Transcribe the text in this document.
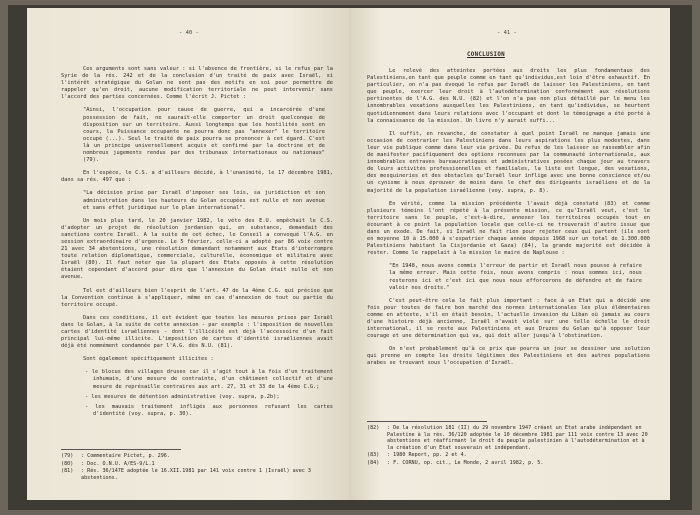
- 40 -

Ces arguments sont sans valeur : si l'absence de frontière, si le refus par la Syrie de la rés. 242 et de la conclusion d'un traité de paix avec Israël, si l'intérêt stratégique du Golan ne sont pas des motifs en soi pour permettre de rappeler qu'en droit, aucune modification territoriale ne peut intervenir sans l'accord des parties concernées. Comme l'écrit J. Pictet :

"Ainsi, l'occupation pour cause de guerre, qui a incarcérée d'une possession de fait, ne saurait-elle comporter un droit quelconque de disposition sur un territoire. Aussi longtemps que les hostilités sont en cours, la Puissance occupante ne pourra donc pas "annexer" le territoire occupé (...). Seul le traité de paix pourra se prononcer à cet égard. C'est là un principe universellement acquis et confirmé par la doctrine et de nombreux jugements rendus par des tribunaux internationaux ou nationaux"(79).

En l'espèce, le C.S. a d'ailleurs décidé, à l'unanimité, le 17 décembre 1981, dans sa rés. 497 que :

"La décision prise par Israël d'imposer ses lois, sa juridiction et son administration dans les hauteurs du Golan occupées est nulle et non avenue et sans effet juridique sur le plan international".

Un mois plus tard, le 20 janvier 1982, le véto des E.U. empêchait le C.S. d'adopter un projet de résolution jordanien qui, en substance, demandait des sanctions contre Israël. A la suite de cet échec, le Conseil a convoqué l'A.G. en session extraordinaire d'urgence. Le 5 février, celle-ci a adopté par 86 voix contre 21 avec 34 abstentions, une résolution demandant notamment aux Etats d'interrompre toute relation diplomatique, commerciale, culturelle, économique et militaire avec Israël (80). Il faut noter que la plupart des Etats opposés à cette résolution étaient cependant d'accord pour dire que l'annexion du Golan était nulle et non avenue.

Tel est d'ailleurs bien l'esprit de l'art. 47 de la 4ème C.G. qui précise que la Convention continue à s'appliquer, même en cas d'annexion de tout ou partie du territoire occupé.

Dans ces conditions, il est évident que toutes les mesures prises par Israël dans le Golan, à la suite de cette annexion - par exemple : l'imposition de nouvelles cartes d'identité israéliennes - dont l'illicéité est déjà l'accessoire d'un fait principal lui-même illicite. L'imposition de cartes d'identité israéliennes avait déjà été nommément condamnée par l'A.G. dès N.U. (81).

Sont également spécifiquement illicites :

- le blocus des villages druses car il s'agit tout à la fois d'un traitement inhumain, d'une mesure de contrainte, d'un châtiment collectif et d'une mesure de représaille contraires aux art. 27, 31 et 33 de la 4ème C.G.;

- les mesures de détention administrative (voy. supra, p.2b);

- les mauvais traitement infligés aux personnes refusant les cartes d'identité (voy. supra, p. 30).

(79)	: Commentaire Pictet, p. 296.
(80)	: Doc. O.N.U. A/ES-9/L.1
(81)	: Rés. 36/147E adoptée le 16.XII.1981 par 141 voix contre 1 (Israël) avec 3 abstentions.
- 41 -
CONCLUSION

Le relevé des atteintes portées aux droits les plus fondamentaux des Palestiniens,en tant que peuple comme en tant qu'individus,est loin d'être exhaustif. En particulier, on n'a pas évoqué le refus par Israël de laisser les Palestiniens, en tant que peuple, exercer leur droit à l'autodétermination conformément aux résolutions pertinentes de l'A.G. des N.U. (82) et l'on n'a pas non plus détaillé par le menu les innombrables vexations auxquelles les Palestiniens, en tant qu'individus, se heurtent quotidiennement dans leurs relations avec l'occupant et dont le témoignage a été porté à la connaissance de la mission. Un livre n'y aurait suffi...

Il suffit, en revanche, de constater à quel point Israël ne manque jamais une occasion de contrarier les Palestiniens dans leurs aspirations les plus modestes, dans leur vie publique comme dans leur vie privée. Du refus de les laisser se rassembler afin de manifester pacifiquement des options reconnues par la communauté internationale, aux innombrables entraves bureaucratiques et administratives posées chaque jour au travers de leurs activités professionnelles et familiales, la liste est longue, des vexations, des mesquineries et des obstacles qu'Israël leur inflige avec une bonne conscience et/ou un cynisme à nous éprouver de moins dans le chef des dirigeants israéliens et de la majorité de la population israélienne (voy. supra, p. 8).

En vérité, comme la mission précédente l'avait déjà constaté (83) et comme plusieurs témoins l'ont répété à la présente mission, ce qu'Israël veut, c'est le territoire sans le peuple, c'est-à-dire, annexer les territoires occupés tout en écourant à ce point la population locale que celle-ci ne trouverait d'autre issue que dans un exode. De fait, si Israël ne fait rien pour rejeter ceux qui partent (ils sont en moyenne 10 à 15.000 à s'expatrier chaque année depuis 1968 sur un total de 1.300.000 Palestiniens habitant la Cisjordanie et Gaza) (84), la grande majorité est décidée à rester. Comme le rappelait à la mission le maire de Naplouse :

"En 1948, nous avons commis l'erreur de partir et Israël nous pousse à refaire la même erreur. Mais cette fois, nous avons compris : nous sommes ici, nous resterons ici et c'est ici que nous nous efforcerons de défendre et de faire valoir nos droits."

C'est peut-être cela le fait plus important : face à un Etat qui a décidé une fois pour toutes de faire bon marché des normes internationales les plus élémentaires comme en atteste, s'il en était besoin, l'actuelle invasion du Liban où jamais au cours d'une histoire déjà ancienne, Israël n'avait violé sur une telle échelle le droit international, il se reste aux Palestiniens et aux Druzes du Golan qu'à opposer leur courage et une détermination qui va, qui doit aller jusqu'à l'obstination.

On n'est probablement qu'à ce prix que pourra un jour se dessiner une solution qui prenne en compte les droits légitimes des Palestiniens et des autres populations arabes se trouvant sous l'occupation d'Israël.

(82)	: De la résolution 181 (II) du 29 novembre 1947 créant un Etat arabe indépendant en Palestine à la rés. 36/120 adoptée le 10 décembre 1981 par 111 voix contre 13 avec 20 abstentions et réaffirmant le droit du peuple palestinien à l'autodétermination et à la création d'un Etat souverain et indépendant.
(83)	: 1980 Report, pp. 2 et 4.
(84)	: F. CORNU, op. cit., Le Monde, 2 avril 1982, p. 5.
